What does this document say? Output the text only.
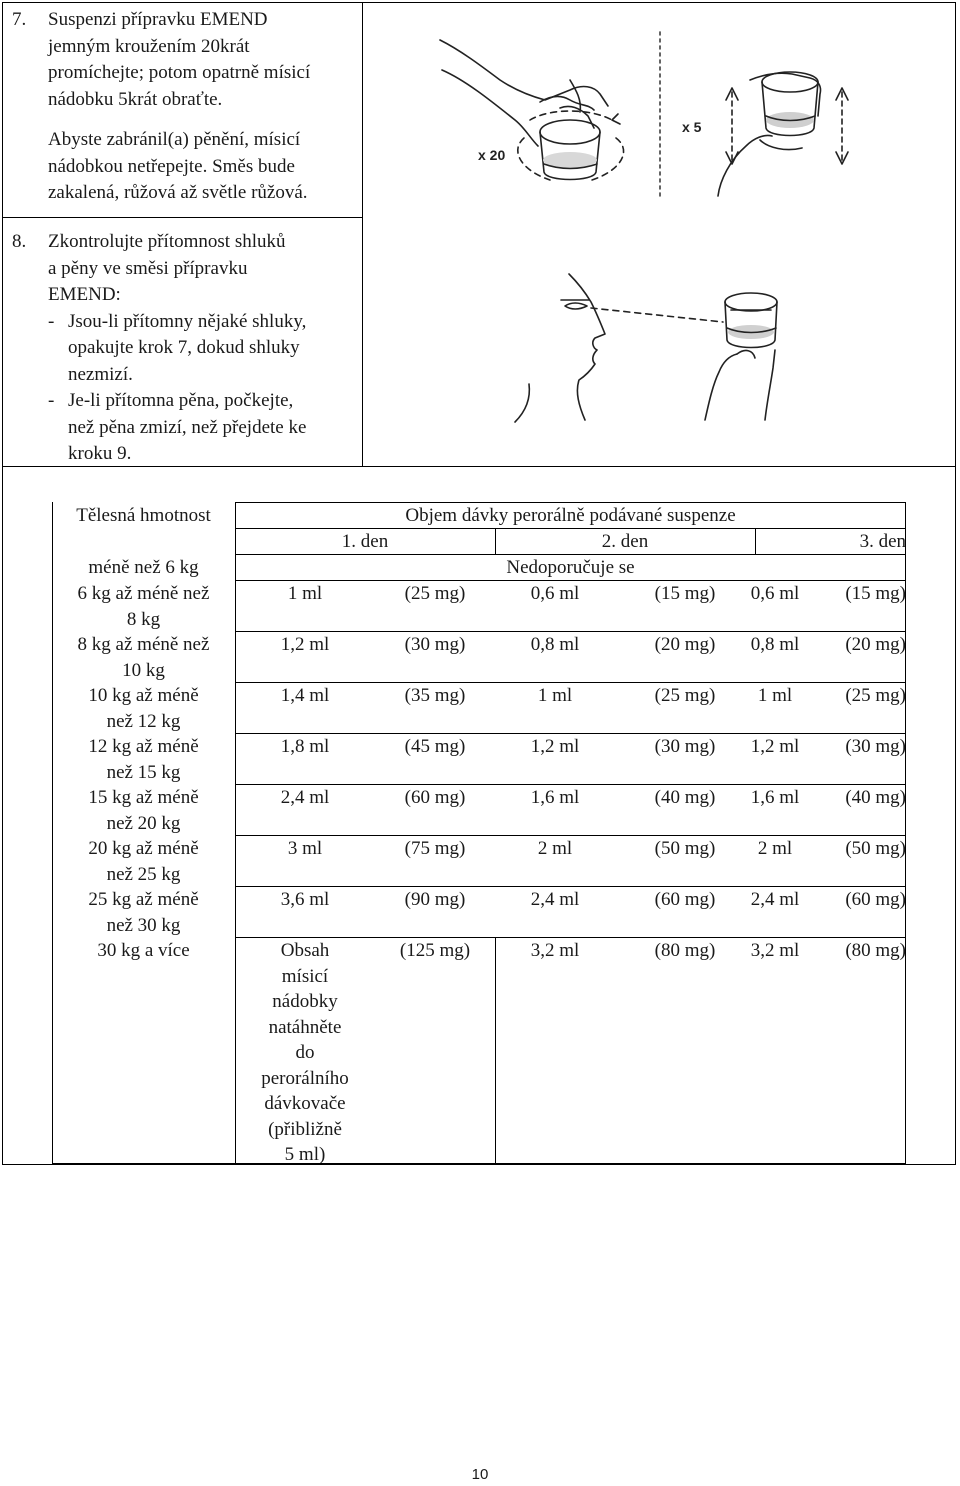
7. Suspenzi přípravku EMEND

jemným kroužením 20krát

promíchejte; potom opatrně mísicí

nádobku 5krát obraťte.

Abyste zabránil(a) pěnění, mísicí

nádobkou netřepejte. Směs bude

zakalená, růžová až světle růžová.

x 20
x 5
8. Zkontrolujte přítomnost shluků

a pěny ve směsi přípravku

EMEND:

- Jsou-li přítomny nějaké shluky,

opakujte krok 7, dokud shluky

nezmizí.

- Je-li přítomna pěna, počkejte,

než pěna zmizí, než přejdete ke

kroku 9.

Tělesná hmotnost	Objem dávky perorálně podávané suspenze
1. den	2. den	3. den
méně než 6 kg	Nedoporučuje se
6 kg až méně než
8 kg
1 ml	(25 mg)	0,6 ml	(15 mg)	0,6 ml	(15 mg)
8 kg až méně než
10 kg
1,2 ml	(30 mg)	0,8 ml	(20 mg)	0,8 ml	(20 mg)
10 kg až méně
než 12 kg
1,4 ml	(35 mg)	1 ml	(25 mg)	1 ml	(25 mg)
12 kg až méně
než 15 kg
1,8 ml	(45 mg)	1,2 ml	(30 mg)	1,2 ml	(30 mg)
15 kg až méně
než 20 kg
2,4 ml	(60 mg)	1,6 ml	(40 mg)	1,6 ml	(40 mg)
20 kg až méně
než 25 kg
3 ml	(75 mg)	2 ml	(50 mg)	2 ml	(50 mg)
25 kg až méně
než 30 kg
3,6 ml	(90 mg)	2,4 ml	(60 mg)	2,4 ml	(60 mg)
30 kg a více	Obsah
mísicí
nádobky
natáhněte
do
perorálního
dávkovače
(přibližně
5 ml)
(125 mg)	3,2 ml	(80 mg)	3,2 ml	(80 mg)
10
